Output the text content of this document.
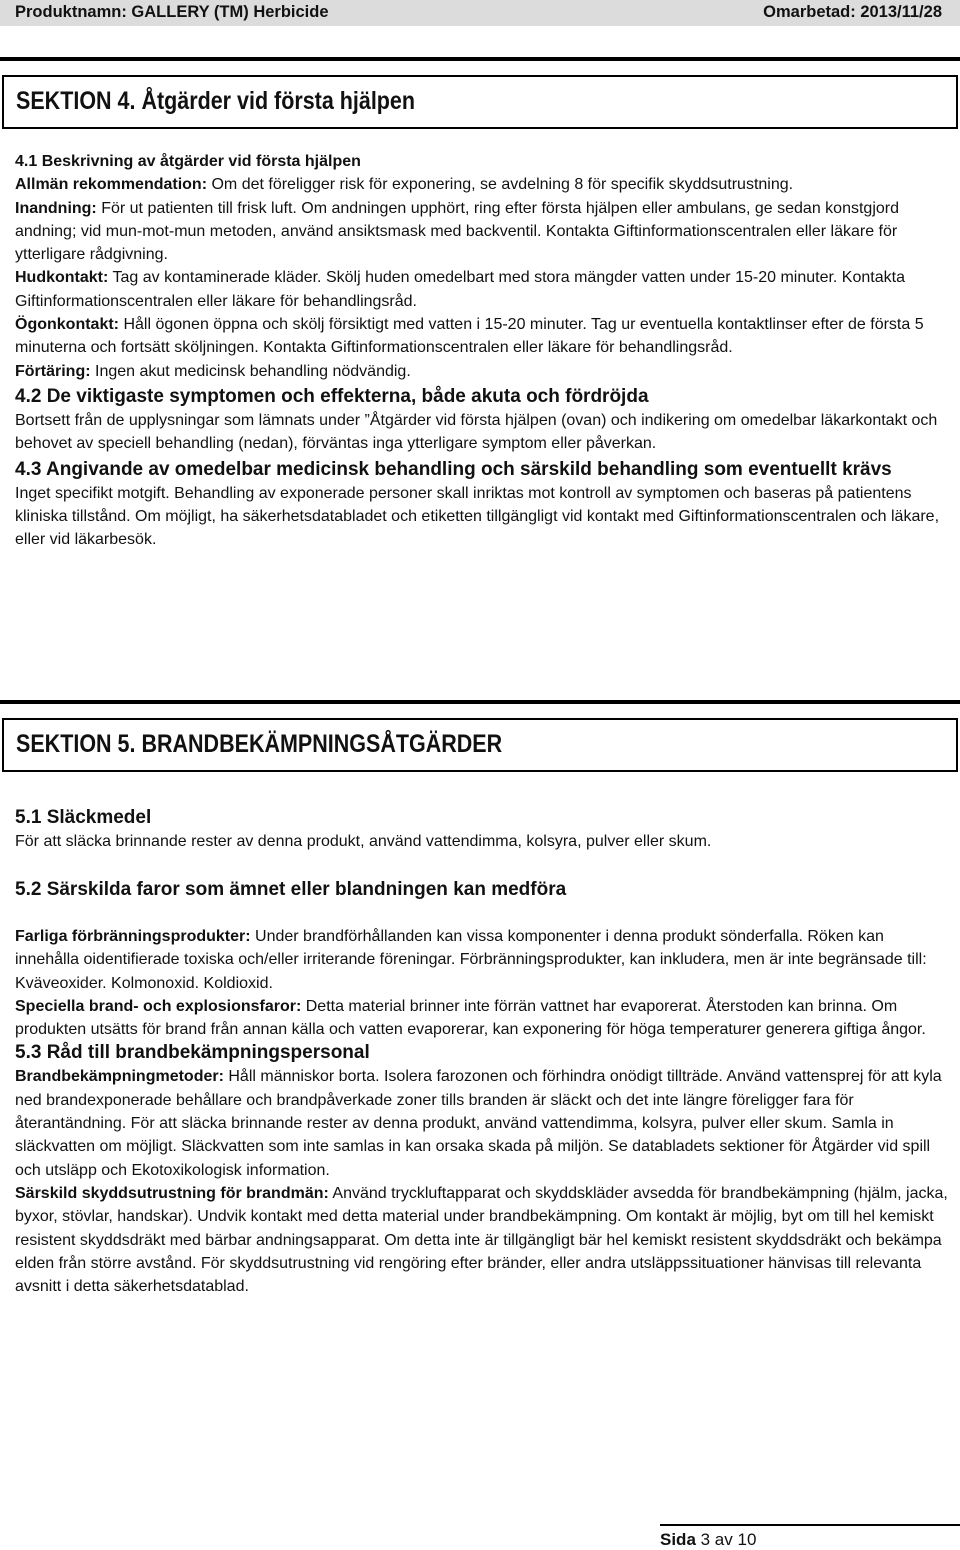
Produktnamn: GALLERY (TM) Herbicide	Omarbetad: 2013/11/28
SEKTION 4. Åtgärder vid första hjälpen

4.1 Beskrivning av åtgärder vid första hjälpen

Allmän rekommendation: Om det föreligger risk för exponering, se avdelning 8 för specifik skyddsutrustning.

Inandning: För ut patienten till frisk luft. Om andningen upphört, ring efter första hjälpen eller ambulans, ge sedan konstgjord andning; vid mun-mot-mun metoden, använd ansiktsmask med backventil. Kontakta Giftinformationscentralen eller läkare för ytterligare rådgivning.

Hudkontakt: Tag av kontaminerade kläder. Skölj huden omedelbart med stora mängder vatten under 15-20 minuter. Kontakta Giftinformationscentralen eller läkare för behandlingsråd.

Ögonkontakt: Håll ögonen öppna och skölj försiktigt med vatten i 15-20 minuter. Tag ur eventuella kontaktlinser efter de första 5 minuterna och fortsätt sköljningen. Kontakta Giftinformationscentralen eller läkare för behandlingsråd.

Förtäring: Ingen akut medicinsk behandling nödvändig.

4.2 De viktigaste symptomen och effekterna, både akuta och fördröjda

Bortsett från de upplysningar som lämnats under ”Åtgärder vid första hjälpen (ovan) och indikering om omedelbar läkarkontakt och behovet av speciell behandling (nedan), förväntas inga ytterligare symptom eller påverkan.

4.3 Angivande av omedelbar medicinsk behandling och särskild behandling som eventuellt krävs

Inget specifikt motgift. Behandling av exponerade personer skall inriktas mot kontroll av symptomen och baseras på patientens kliniska tillstånd. Om möjligt, ha säkerhetsdatabladet och etiketten tillgängligt vid kontakt med Giftinformationscentralen och läkare, eller vid läkarbesök.

SEKTION 5. BRANDBEKÄMPNINGSÅTGÄRDER

5.1 Släckmedel

För att släcka brinnande rester av denna produkt, använd vattendimma, kolsyra, pulver eller skum.

5.2 Särskilda faror som ämnet eller blandningen kan medföra

Farliga förbränningsprodukter: Under brandförhållanden kan vissa komponenter i denna produkt sönderfalla. Röken kan innehålla oidentifierade toxiska och/eller irriterande föreningar. Förbränningsprodukter, kan inkludera, men är inte begränsade till: Kväveoxider. Kolmonoxid. Koldioxid.

Speciella brand- och explosionsfaror: Detta material brinner inte förrän vattnet har evaporerat. Återstoden kan brinna. Om produkten utsätts för brand från annan källa och vatten evaporerar, kan exponering för höga temperaturer generera giftiga ångor.

5.3 Råd till brandbekämpningspersonal

Brandbekämpningmetoder: Håll människor borta. Isolera farozonen och förhindra onödigt tillträde. Använd vattensprej för att kyla ned brandexponerade behållare och brandpåverkade zoner tills branden är släckt och det inte längre föreligger fara för återantändning. För att släcka brinnande rester av denna produkt, använd vattendimma, kolsyra, pulver eller skum. Samla in släckvatten om möjligt. Släckvatten som inte samlas in kan orsaka skada på miljön. Se databladets sektioner för Åtgärder vid spill och utsläpp och Ekotoxikologisk information.

Särskild skyddsutrustning för brandmän: Använd tryckluftapparat och skyddskläder avsedda för brandbekämpning (hjälm, jacka, byxor, stövlar, handskar). Undvik kontakt med detta material under brandbekämpning. Om kontakt är möjlig, byt om till hel kemiskt resistent skyddsdräkt med bärbar andningsapparat. Om detta inte är tillgängligt bär hel kemiskt resistent skyddsdräkt och bekämpa elden från större avstånd. För skyddsutrustning vid rengöring efter bränder, eller andra utsläppssituationer hänvisas till relevanta avsnitt i detta säkerhetsdatablad.

Sida 3 av 10
